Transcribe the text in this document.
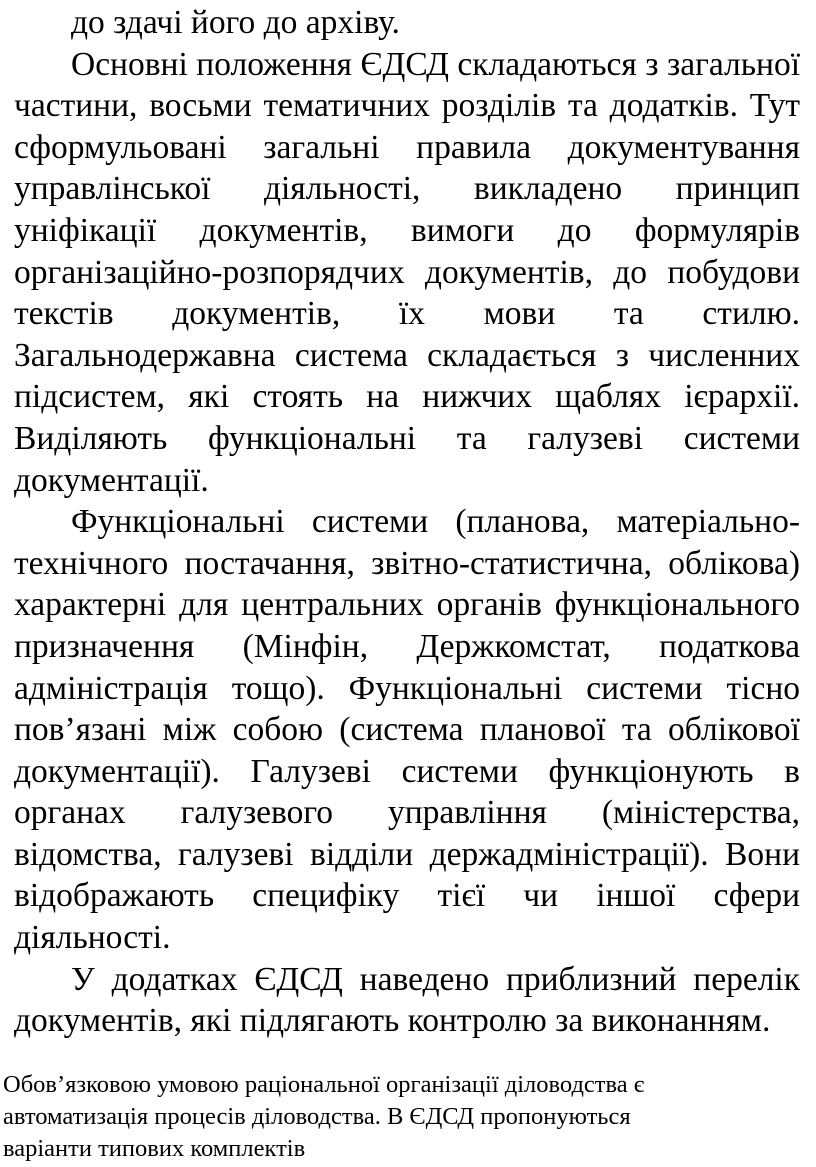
до здачі його до архіву.

Основні положення ЄДСД складаються з загальної частини, восьми тематичних розділів та додатків. Тут сформульовані загальні правила документування управлінської діяльності, викладено принцип уніфікації документів, вимоги до формулярів організаційно-розпорядчих документів, до побудови текстів документів, їх мови та стилю. Загальнодержавна система складається з численних підсистем, які стоять на нижчих щаблях ієрархії. Виділяють функціональні та галузеві системи документації.

Функціональні системи (планова, матеріально-технічного постачання, звітно-статистична, облікова) характерні для центральних органів функціонального призначення (Мінфін, Держкомстат, податкова адміністрація тощо). Функціональні системи тісно пов’язані між собою (система планової та облікової документації). Галузеві системи функціонують в органах галузевого управління (міністерства, відомства, галузеві відділи держадміністрації). Вони відображають специфіку тієї чи іншої сфери діяльності.

У додатках ЄДСД наведено приблизний перелік документів, які підлягають контролю за виконанням.

Обов’язковою умовою раціональної організації діловодства є

автоматизація процесів діловодства. В ЄДСД пропонуються

варіанти типових комплектів
